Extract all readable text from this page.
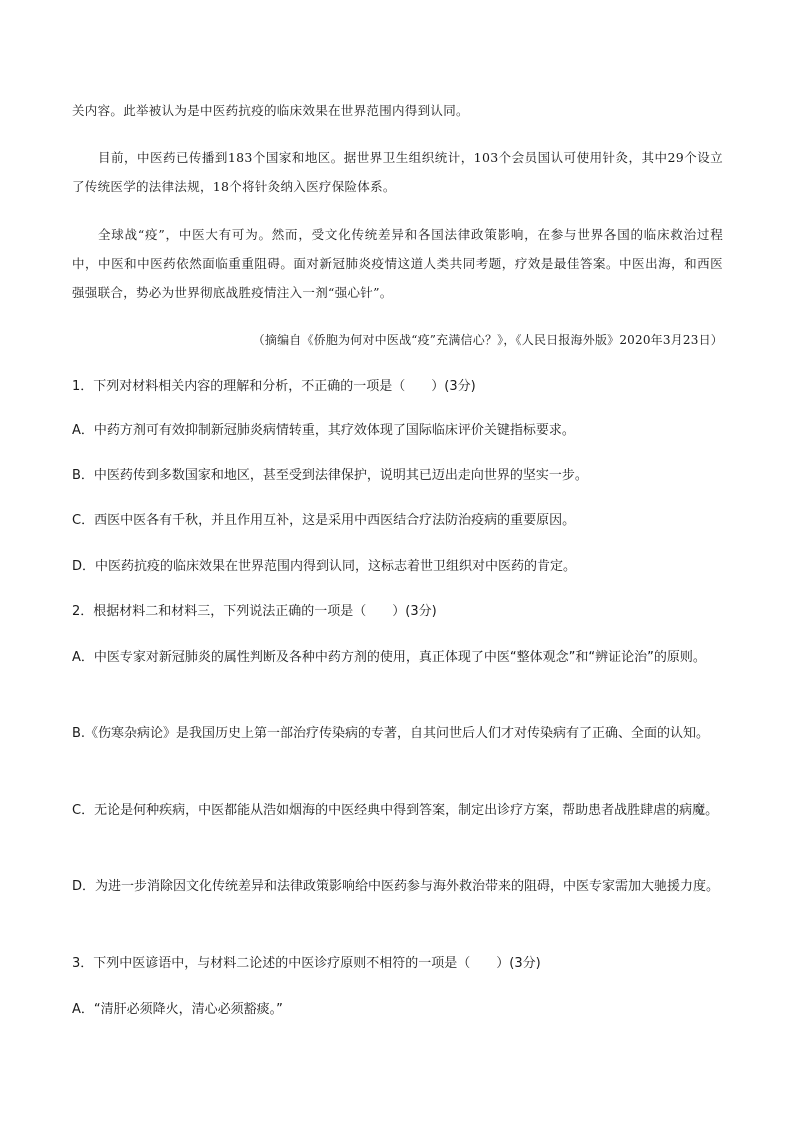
关内容。此举被认为是中医药抗疫的临床效果在世界范围内得到认同。

目前，中医药已传播到183个国家和地区。据世界卫生组织统计，103个会员国认可使用针灸，其中29个设立了传统医学的法律法规，18个将针灸纳入医疗保险体系。

全球战“疫”，中医大有可为。然而，受文化传统差异和各国法律政策影响，在参与世界各国的临床救治过程中，中医和中医药依然面临重重阻碍。面对新冠肺炎疫情这道人类共同考题，疗效是最佳答案。中医出海，和西医强强联合，势必为世界彻底战胜疫情注入一剂“强心针”。

（摘编自《侨胞为何对中医战“疫”充满信心？》，《人民日报海外版》2020年3月23日）

1．下列对材料相关内容的理解和分析，不正确的一项是（　　）(3分)

A．中药方剂可有效抑制新冠肺炎病情转重，其疗效体现了国际临床评价关键指标要求。

B．中医药传到多数国家和地区，甚至受到法律保护，说明其已迈出走向世界的坚实一步。

C．西医中医各有千秋，并且作用互补，这是采用中西医结合疗法防治疫病的重要原因。

D．中医药抗疫的临床效果在世界范围内得到认同，这标志着世卫组织对中医药的肯定。

2．根据材料二和材料三，下列说法正确的一项是（　　）(3分)

A．中医专家对新冠肺炎的属性判断及各种中药方剂的使用，真正体现了中医“整体观念”和“辨证论治”的原则。

B.《伤寒杂病论》是我国历史上第一部治疗传染病的专著，自其问世后人们才对传染病有了正确、全面的认知。

C．无论是何种疾病，中医都能从浩如烟海的中医经典中得到答案，制定出诊疗方案，帮助患者战胜肆虐的病魔。

D．为进一步消除因文化传统差异和法律政策影响给中医药参与海外救治带来的阻碍，中医专家需加大驰援力度。

3．下列中医谚语中，与材料二论述的中医诊疗原则不相符的一项是（　　）(3分)

A．“清肝必须降火，清心必须豁痰。”
